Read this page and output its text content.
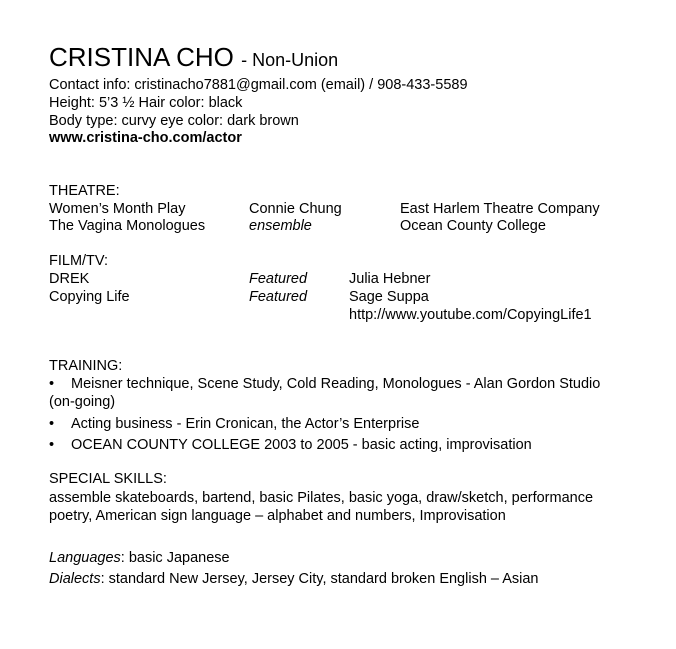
CRISTINA CHO - Non-Union
Contact info: cristinacho7881@gmail.com (email) / 908-433-5589
Height: 5’3 ½ Hair color: black
Body type: curvy eye color: dark brown
www.cristina-cho.com/actor
THEATRE:
Women’s Month Play	Connie Chung	East Harlem Theatre Company
The Vagina Monologues	ensemble	Ocean County College
FILM/TV:
DREK	Featured	Julia Hebner
Copying Life	Featured	Sage Suppa
http://www.youtube.com/CopyingLife1
TRAINING:
• Meisner technique, Scene Study, Cold Reading, Monologues - Alan Gordon Studio
(on-going)
• Acting business - Erin Cronican, the Actor’s Enterprise
• OCEAN COUNTY COLLEGE 2003 to 2005 - basic acting, improvisation
SPECIAL SKILLS:
assemble skateboards, bartend, basic Pilates, basic yoga, draw/sketch, performance poetry, American sign language – alphabet and numbers, Improvisation
Languages: basic Japanese
Dialects: standard New Jersey, Jersey City, standard broken English – Asian
